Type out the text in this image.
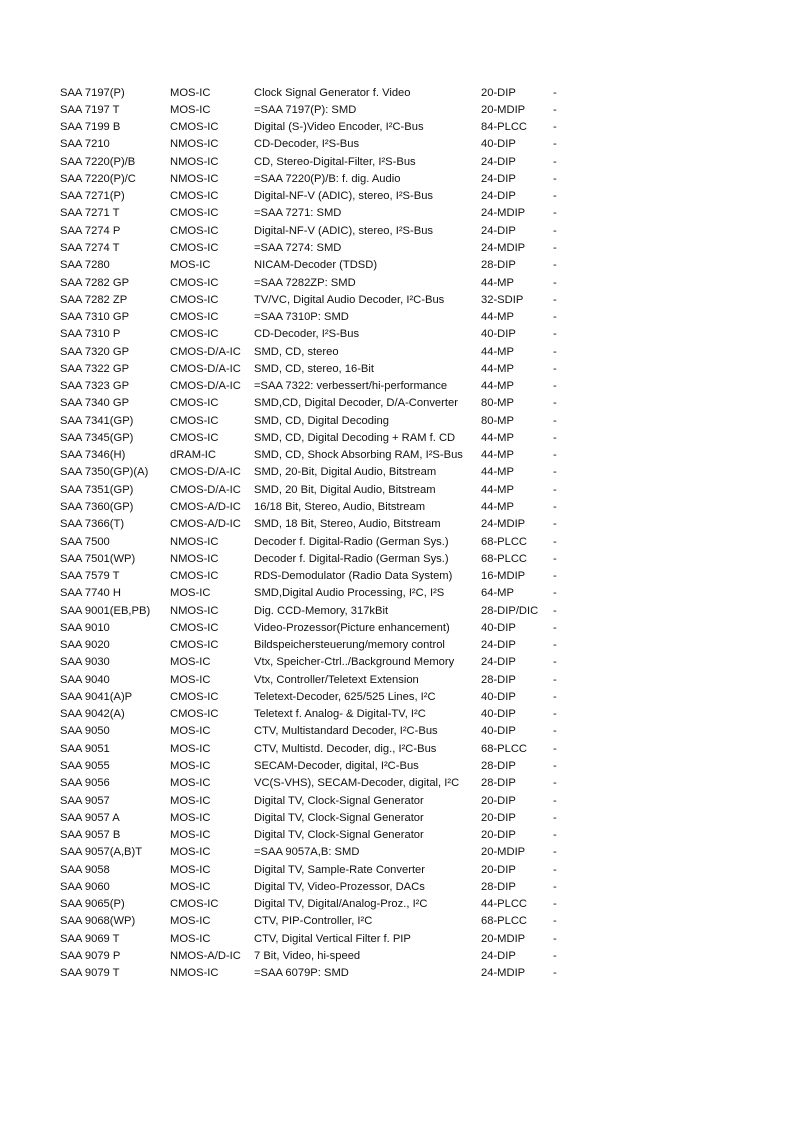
SAA 7197(P)	MOS-IC	Clock Signal Generator f. Video	20-DIP	-
SAA 7197 T	MOS-IC	=SAA 7197(P): SMD	20-MDIP	-
SAA 7199 B	CMOS-IC	Digital (S-)Video Encoder, I²C-Bus	84-PLCC	-
SAA 7210	NMOS-IC	CD-Decoder, I²S-Bus	40-DIP	-
SAA 7220(P)/B	NMOS-IC	CD, Stereo-Digital-Filter, I²S-Bus	24-DIP	-
SAA 7220(P)/C	NMOS-IC	=SAA 7220(P)/B: f. dig. Audio	24-DIP	-
SAA 7271(P)	CMOS-IC	Digital-NF-V (ADIC), stereo, I²S-Bus	24-DIP	-
SAA 7271 T	CMOS-IC	=SAA 7271: SMD	24-MDIP	-
SAA 7274 P	CMOS-IC	Digital-NF-V (ADIC), stereo, I²S-Bus	24-DIP	-
SAA 7274 T	CMOS-IC	=SAA 7274: SMD	24-MDIP	-
SAA 7280	MOS-IC	NICAM-Decoder (TDSD)	28-DIP	-
SAA 7282 GP	CMOS-IC	=SAA 7282ZP: SMD	44-MP	-
SAA 7282 ZP	CMOS-IC	TV/VC, Digital Audio Decoder, I²C-Bus	32-SDIP	-
SAA 7310 GP	CMOS-IC	=SAA 7310P: SMD	44-MP	-
SAA 7310 P	CMOS-IC	CD-Decoder, I²S-Bus	40-DIP	-
SAA 7320 GP	CMOS-D/A-IC	SMD, CD, stereo	44-MP	-
SAA 7322 GP	CMOS-D/A-IC	SMD, CD, stereo, 16-Bit	44-MP	-
SAA 7323 GP	CMOS-D/A-IC	=SAA 7322: verbessert/hi-performance	44-MP	-
SAA 7340 GP	CMOS-IC	SMD,CD, Digital Decoder, D/A-Converter	80-MP	-
SAA 7341(GP)	CMOS-IC	SMD, CD, Digital Decoding	80-MP	-
SAA 7345(GP)	CMOS-IC	SMD, CD, Digital Decoding + RAM f. CD	44-MP	-
SAA 7346(H)	dRAM-IC	SMD, CD, Shock Absorbing RAM, I²S-Bus	44-MP	-
SAA 7350(GP)(A)	CMOS-D/A-IC	SMD, 20-Bit, Digital Audio, Bitstream	44-MP	-
SAA 7351(GP)	CMOS-D/A-IC	SMD, 20 Bit, Digital Audio, Bitstream	44-MP	-
SAA 7360(GP)	CMOS-A/D-IC	16/18 Bit, Stereo, Audio, Bitstream	44-MP	-
SAA 7366(T)	CMOS-A/D-IC	SMD, 18 Bit, Stereo, Audio, Bitstream	24-MDIP	-
SAA 7500	NMOS-IC	Decoder f. Digital-Radio (German Sys.)	68-PLCC	-
SAA 7501(WP)	NMOS-IC	Decoder f. Digital-Radio (German Sys.)	68-PLCC	-
SAA 7579 T	CMOS-IC	RDS-Demodulator (Radio Data System)	16-MDIP	-
SAA 7740 H	MOS-IC	SMD,Digital Audio Processing, I²C, I²S	64-MP	-
SAA 9001(EB,PB)	NMOS-IC	Dig. CCD-Memory, 317kBit	28-DIP/DIC	-
SAA 9010	CMOS-IC	Video-Prozessor(Picture enhancement)	40-DIP	-
SAA 9020	CMOS-IC	Bildspeichersteuerung/memory control	24-DIP	-
SAA 9030	MOS-IC	Vtx, Speicher-Ctrl../Background Memory	24-DIP	-
SAA 9040	MOS-IC	Vtx, Controller/Teletext Extension	28-DIP	-
SAA 9041(A)P	CMOS-IC	Teletext-Decoder, 625/525 Lines, I²C	40-DIP	-
SAA 9042(A)	CMOS-IC	Teletext f. Analog- & Digital-TV, I²C	40-DIP	-
SAA 9050	MOS-IC	CTV, Multistandard Decoder, I²C-Bus	40-DIP	-
SAA 9051	MOS-IC	CTV, Multistd. Decoder, dig., I²C-Bus	68-PLCC	-
SAA 9055	MOS-IC	SECAM-Decoder, digital, I²C-Bus	28-DIP	-
SAA 9056	MOS-IC	VC(S-VHS), SECAM-Decoder, digital, I²C	28-DIP	-
SAA 9057	MOS-IC	Digital TV, Clock-Signal Generator	20-DIP	-
SAA 9057 A	MOS-IC	Digital TV, Clock-Signal Generator	20-DIP	-
SAA 9057 B	MOS-IC	Digital TV, Clock-Signal Generator	20-DIP	-
SAA 9057(A,B)T	MOS-IC	=SAA 9057A,B: SMD	20-MDIP	-
SAA 9058	MOS-IC	Digital TV, Sample-Rate Converter	20-DIP	-
SAA 9060	MOS-IC	Digital TV, Video-Prozessor, DACs	28-DIP	-
SAA 9065(P)	CMOS-IC	Digital TV, Digital/Analog-Proz., I²C	44-PLCC	-
SAA 9068(WP)	MOS-IC	CTV, PIP-Controller, I²C	68-PLCC	-
SAA 9069 T	MOS-IC	CTV, Digital Vertical Filter f. PIP	20-MDIP	-
SAA 9079 P	NMOS-A/D-IC	7 Bit, Video, hi-speed	24-DIP	-
SAA 9079 T	NMOS-IC	=SAA 6079P: SMD	24-MDIP	-
